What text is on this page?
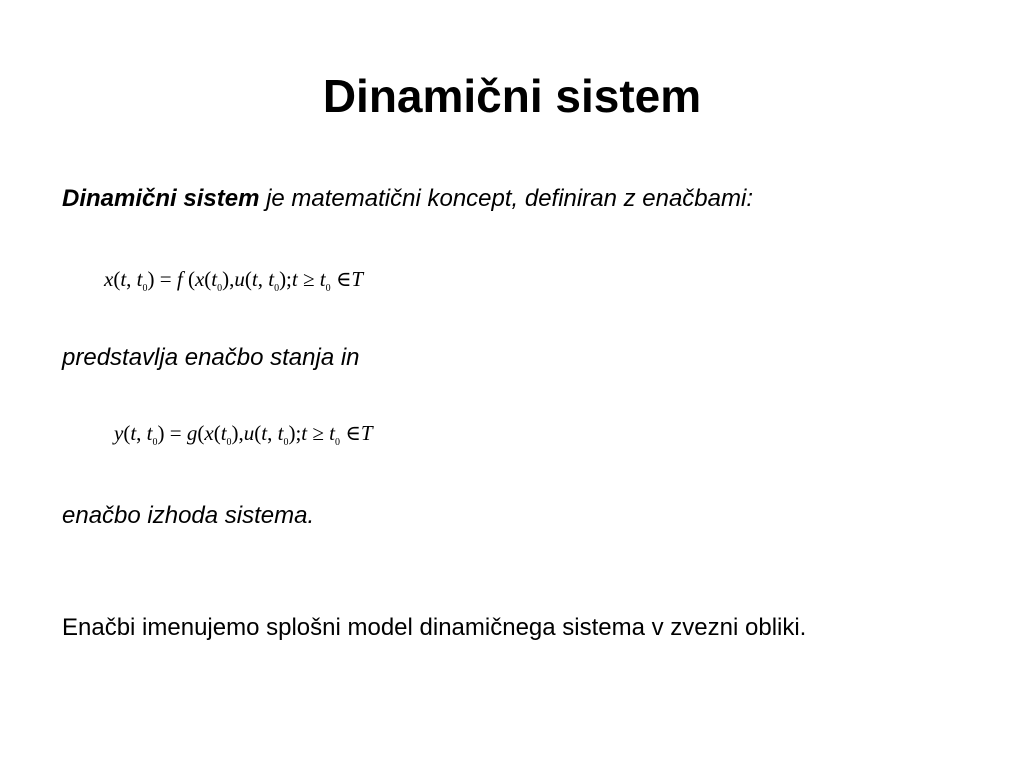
Dinamični sistem

Dinamični sistem je matematični koncept, definiran z enačbami:

x(t, $t_0) = f$ ($x(t_0),u(t$, $t_0);t \ge t_0$ ∈T

predstavlja enačbo stanja in

y(t, $t_0) = g(x(t_0),u(t$, $t_0);t \ge t_0$ ∈T

enačbo izhoda sistema.

Enačbi imenujemo splošni model dinamičnega sistema v zvezni obliki.
